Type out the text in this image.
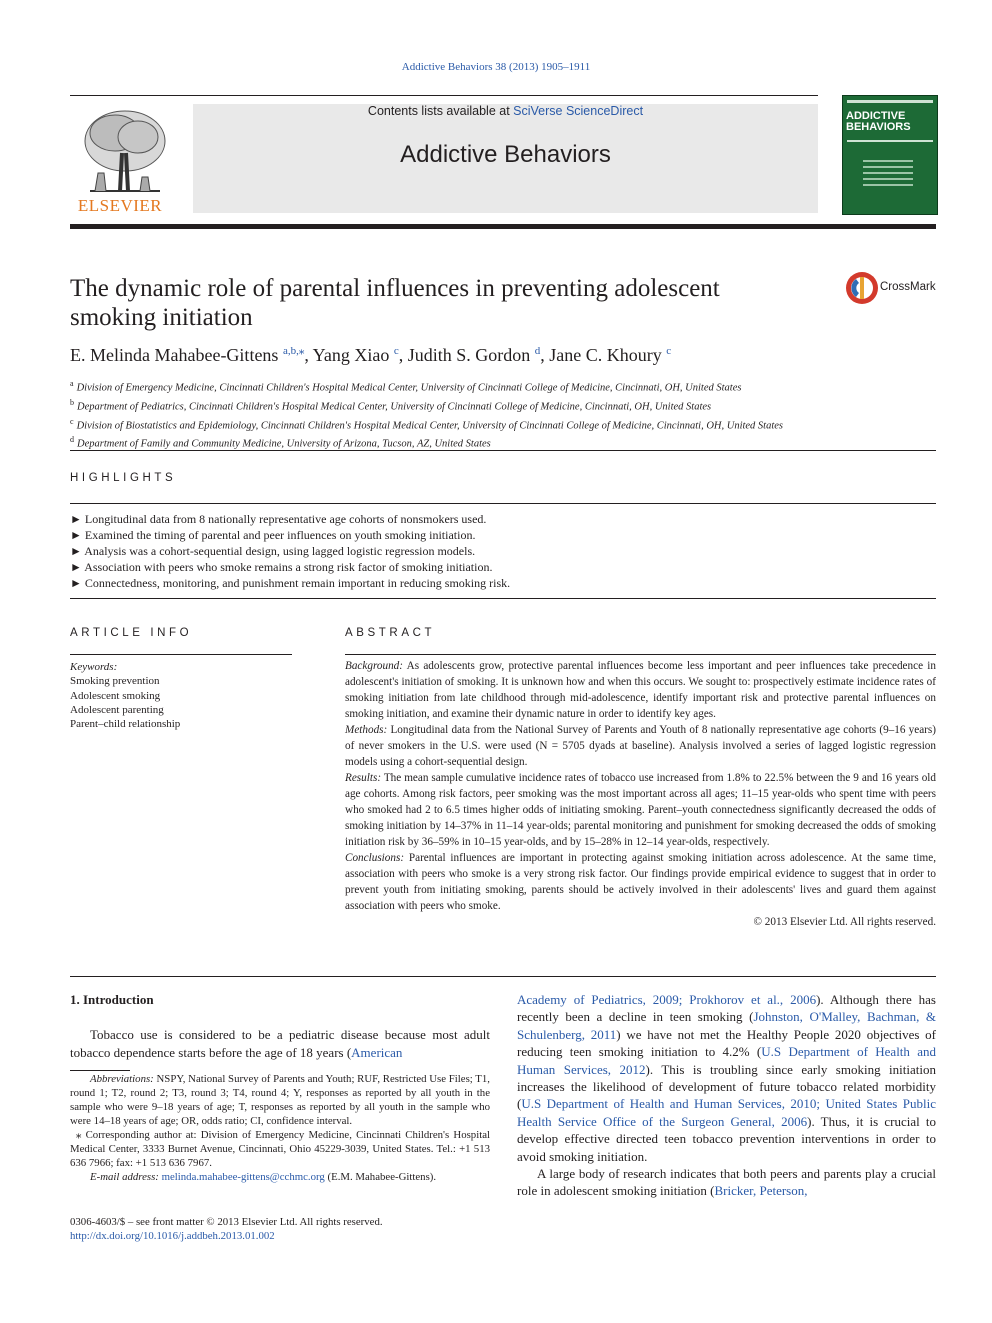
Addictive Behaviors 38 (2013) 1905–1911
ELSEVIER
Contents lists available at SciVerse ScienceDirect
Addictive Behaviors
ADDICTIVE BEHAVIORS
The dynamic role of parental influences in preventing adolescent smoking initiation
CrossMark
E. Melinda Mahabee-Gittens $^{a,b,⁎}$, Yang Xiao $^c$, Judith S. Gordon $^d$, Jane C. Khoury $^c$
$^a$ Division of Emergency Medicine, Cincinnati Children's Hospital Medical Center, University of Cincinnati College of Medicine, Cincinnati, OH, United States
$^b$ Department of Pediatrics, Cincinnati Children's Hospital Medical Center, University of Cincinnati College of Medicine, Cincinnati, OH, United States
$^c$ Division of Biostatistics and Epidemiology, Cincinnati Children's Hospital Medical Center, University of Cincinnati College of Medicine, Cincinnati, OH, United States
$^d$ Department of Family and Community Medicine, University of Arizona, Tucson, AZ, United States
HIGHLIGHTS
► Longitudinal data from 8 nationally representative age cohorts of nonsmokers used.
► Examined the timing of parental and peer influences on youth smoking initiation.
► Analysis was a cohort-sequential design, using lagged logistic regression models.
► Association with peers who smoke remains a strong risk factor of smoking initiation.
► Connectedness, monitoring, and punishment remain important in reducing smoking risk.
ARTICLE INFO
Keywords:
Smoking prevention
Adolescent smoking
Adolescent parenting
Parent–child relationship
ABSTRACT
Background: As adolescents grow, protective parental influences become less important and peer influences take precedence in adolescent's initiation of smoking. It is unknown how and when this occurs. We sought to: prospectively estimate incidence rates of smoking initiation from late childhood through mid-adolescence, identify important risk and protective parental influences on smoking initiation, and examine their dynamic nature in order to identify key ages.
Methods: Longitudinal data from the National Survey of Parents and Youth of 8 nationally representative age cohorts (9–16 years) of never smokers in the U.S. were used (N = 5705 dyads at baseline). Analysis involved a series of lagged logistic regression models using a cohort-sequential design.
Results: The mean sample cumulative incidence rates of tobacco use increased from 1.8% to 22.5% between the 9 and 16 years old age cohorts. Among risk factors, peer smoking was the most important across all ages; 11–15 year-olds who spent time with peers who smoked had 2 to 6.5 times higher odds of initiating smoking. Parent–youth connectedness significantly decreased the odds of smoking initiation by 14–37% in 11–14 year-olds; parental monitoring and punishment for smoking decreased the odds of smoking initiation risk by 36–59% in 10–15 year-olds, and by 15–28% in 12–14 year-olds, respectively.
Conclusions: Parental influences are important in protecting against smoking initiation across adolescence. At the same time, association with peers who smoke is a very strong risk factor. Our findings provide empirical evidence to suggest that in order to prevent youth from initiating smoking, parents should be actively involved in their adolescents' lives and guard them against association with peers who smoke.
© 2013 Elsevier Ltd. All rights reserved.
1. Introduction
Tobacco use is considered to be a pediatric disease because most adult tobacco dependence starts before the age of 18 years (American
Abbreviations: NSPY, National Survey of Parents and Youth; RUF, Restricted Use Files; T1, round 1; T2, round 2; T3, round 3; T4, round 4; Y, responses as reported by all youth in the sample who were 9–18 years of age; T, responses as reported by all youth in the sample who were 14–18 years of age; OR, odds ratio; CI, confidence interval.
⁎ Corresponding author at: Division of Emergency Medicine, Cincinnati Children's Hospital Medical Center, 3333 Burnet Avenue, Cincinnati, Ohio 45229-3039, United States. Tel.: +1 513 636 7966; fax: +1 513 636 7967.
E-mail address: melinda.mahabee-gittens@cchmc.org (E.M. Mahabee-Gittens).
0306-4603/$ – see front matter © 2013 Elsevier Ltd. All rights reserved.
http://dx.doi.org/10.1016/j.addbeh.2013.01.002
Academy of Pediatrics, 2009; Prokhorov et al., 2006). Although there has recently been a decline in teen smoking (Johnston, O'Malley, Bachman, & Schulenberg, 2011) we have not met the Healthy People 2020 objectives of reducing teen smoking initiation to 4.2% (U.S Department of Health and Human Services, 2012). This is troubling since early smoking initiation increases the likelihood of development of future tobacco related morbidity (U.S Department of Health and Human Services, 2010; United States Public Health Service Office of the Surgeon General, 2006). Thus, it is crucial to develop effective directed teen tobacco prevention interventions in order to avoid smoking initiation.
A large body of research indicates that both peers and parents play a crucial role in adolescent smoking initiation (Bricker, Peterson,
